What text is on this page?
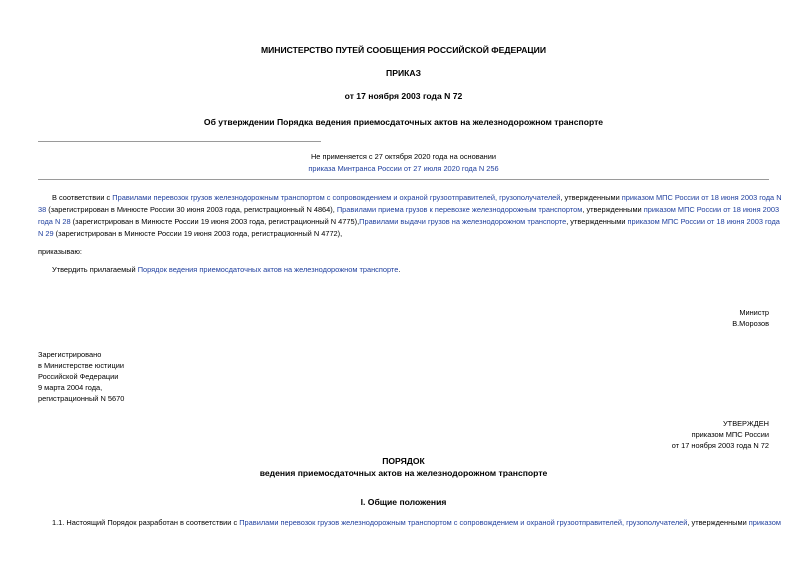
МИНИСТЕРСТВО ПУТЕЙ СООБЩЕНИЯ РОССИЙСКОЙ ФЕДЕРАЦИИ
ПРИКАЗ
от 17 ноября 2003 года N 72
Об утверждении Порядка ведения приемосдаточных актов на железнодорожном транспорте
Не применяется с 27 октября 2020 года на основании
приказа Минтранса России от 27 июля 2020 года N 256
В соответствии с Правилами перевозок грузов железнодорожным транспортом с сопровождением и охраной грузоотправителей, грузополучателей, утвержденными приказом МПС России от 18 июня 2003 года N
38 (зарегистрирован в Минюсте России 30 июня 2003 года, регистрационный N 4864), Правилами приема грузов к перевозке железнодорожным транспортом, утвержденными приказом МПС России от 18 июня 2003
года N 28 (зарегистрирован в Минюсте России 19 июня 2003 года, регистрационный N 4775),Правилами выдачи грузов на железнодорожном транспорте, утвержденными приказом МПС России от 18 июня 2003 года
N 29 (зарегистрирован в Минюсте России 19 июня 2003 года, регистрационный N 4772),
приказываю:
Утвердить прилагаемый Порядок ведения приемосдаточных актов на железнодорожном транспорте.
Министр
В.Морозов
Зарегистрировано
в Министерстве юстиции
Российской Федерации
9 марта 2004 года,
регистрационный N 5670
УТВЕРЖДЕН
приказом МПС России
от 17 ноября 2003 года N 72
ПОРЯДОК
ведения приемосдаточных актов на железнодорожном транспорте
I. Общие положения
1.1. Настоящий Порядок разработан в соответствии с Правилами перевозок грузов железнодорожным транспортом с сопровождением и охраной грузоотправителей, грузополучателей, утвержденными приказом
